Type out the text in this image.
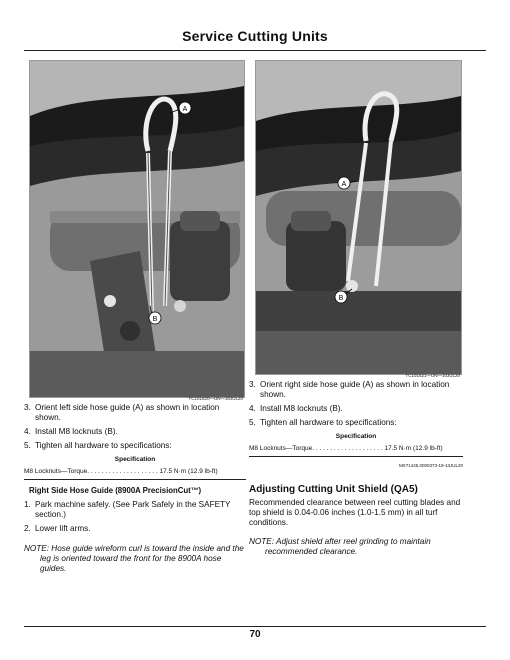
Service Cutting Units
A
B
TC101620—UN—10JUL20
A
B
TC101621—UN—10JUL20
3. Orient left side hose guide (A) as shown in location shown.
4. Install M8 locknuts (B).
5. Tighten all hardware to specifications:
Specification
M8 Locknuts—Torque. . . . . . . . . . . . . . . . . . . . 17.5 N·m (12.9 lb-ft)
Right Side Hose Guide (8900A PrecisionCut™)
1. Park machine safely. (See Park Safely in the SAFETY section.)
2. Lower lift arms.
NOTE: Hose guide wireform curl is toward the inside and the leg is oriented toward the front for the 8900A hose guides.
3. Orient right side hose guide (A) as shown in location shown.
4. Install M8 locknuts (B).
5. Tighten all hardware to specifications:
Specification
M8 Locknuts—Torque. . . . . . . . . . . . . . . . . . . . 17.5 N·m (12.9 lb-ft)
MX71445,0000373-19-13JUL20
Adjusting Cutting Unit Shield (QA5)
Recommended clearance between reel cutting blades and top shield is 0.04-0.06 inches (1.0-1.5 mm) in all turf conditions.
NOTE: Adjust shield after reel grinding to maintain recommended clearance.
70
